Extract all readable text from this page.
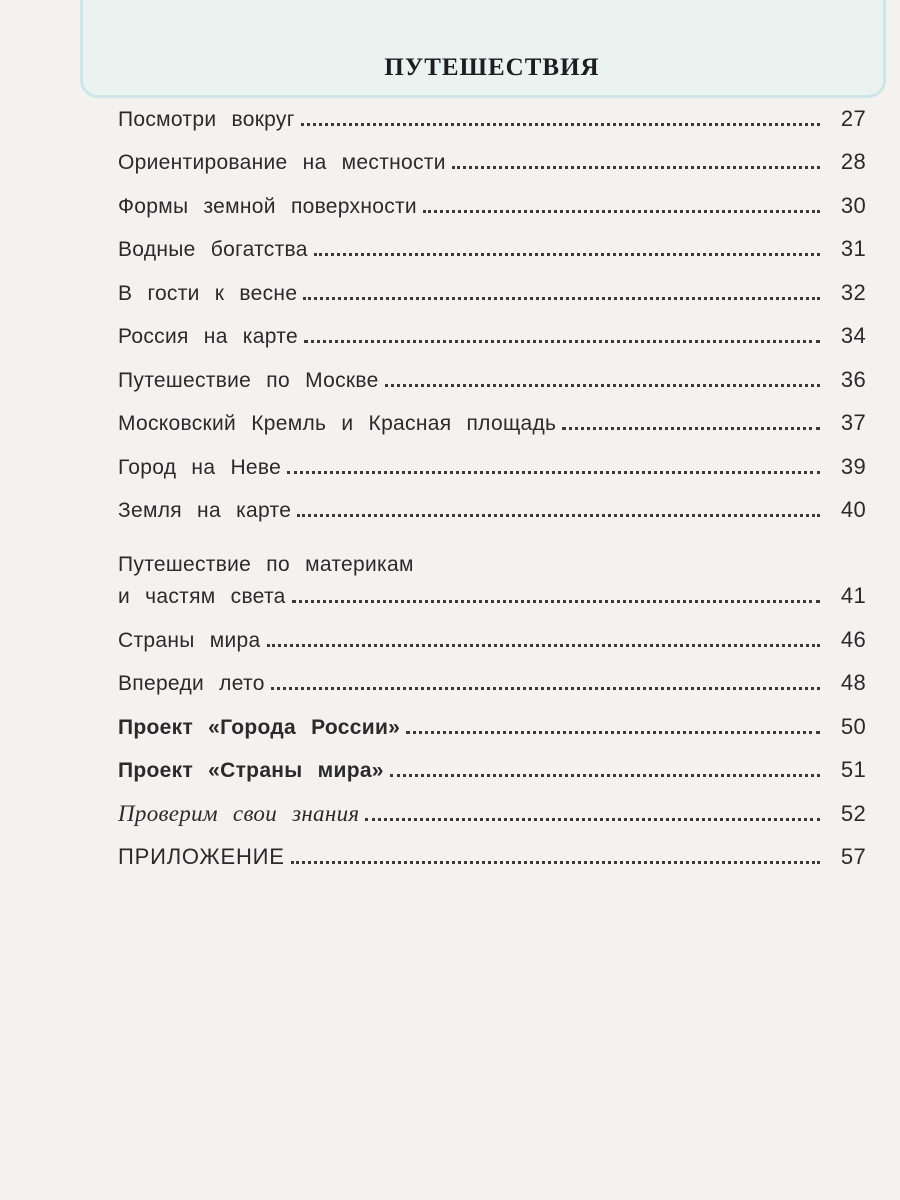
ПУТЕШЕСТВИЯ
Посмотри вокруг	27
Ориентирование на местности	28
Формы земной поверхности	30
Водные богатства	31
В гости к весне	32
Россия на карте	34
Путешествие по Москве	36
Московский Кремль и Красная площадь	37
Город на Неве	39
Земля на карте	40
Путешествие по материкам
и частям света	41
Страны мира	46
Впереди лето	48
Проект «Города России»	50
Проект «Страны мира»	51
Проверим свои знания	52
ПРИЛОЖЕНИЕ	57
